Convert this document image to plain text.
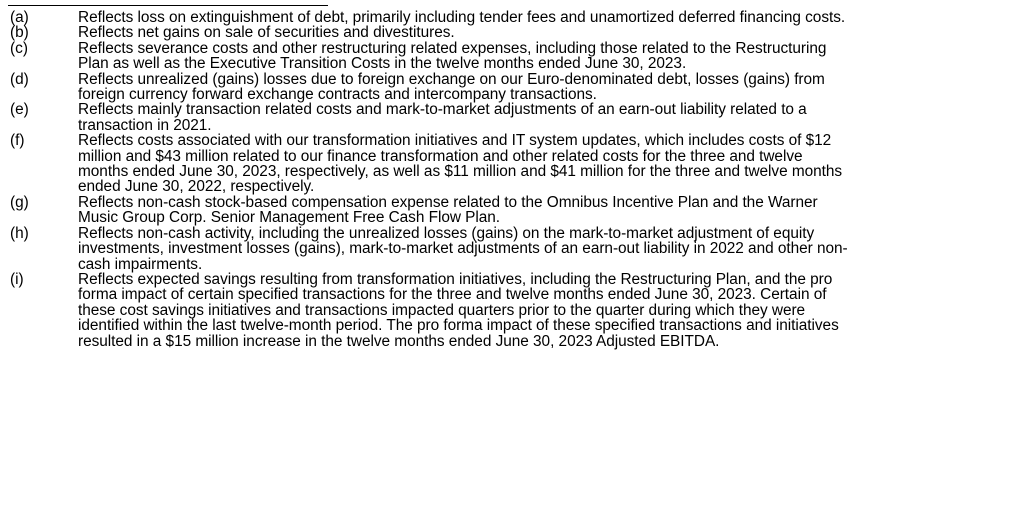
(a)	Reflects loss on extinguishment of debt, primarily including tender fees and unamortized deferred financing costs.
(b)	Reflects net gains on sale of securities and divestitures.
(c)	Reflects severance costs and other restructuring related expenses, including those related to the Restructuring
Plan as well as the Executive Transition Costs in the twelve months ended June 30, 2023.
(d)	Reflects unrealized (gains) losses due to foreign exchange on our Euro-denominated debt, losses (gains) from
foreign currency forward exchange contracts and intercompany transactions.
(e)	Reflects mainly transaction related costs and mark-to-market adjustments of an earn-out liability related to a
transaction in 2021.
(f)	Reflects costs associated with our transformation initiatives and IT system updates, which includes costs of $12
million and $43 million related to our finance transformation and other related costs for the three and twelve
months ended June 30, 2023, respectively, as well as $11 million and $41 million for the three and twelve months
ended June 30, 2022, respectively.
(g)	Reflects non-cash stock-based compensation expense related to the Omnibus Incentive Plan and the Warner
Music Group Corp. Senior Management Free Cash Flow Plan.
(h)	Reflects non-cash activity, including the unrealized losses (gains) on the mark-to-market adjustment of equity
investments, investment losses (gains), mark-to-market adjustments of an earn-out liability in 2022 and other non-
cash impairments.
(i)	Reflects expected savings resulting from transformation initiatives, including the Restructuring Plan, and the pro
forma impact of certain specified transactions for the three and twelve months ended June 30, 2023. Certain of
these cost savings initiatives and transactions impacted quarters prior to the quarter during which they were
identified within the last twelve-month period. The pro forma impact of these specified transactions and initiatives
resulted in a $15 million increase in the twelve months ended June 30, 2023 Adjusted EBITDA.
